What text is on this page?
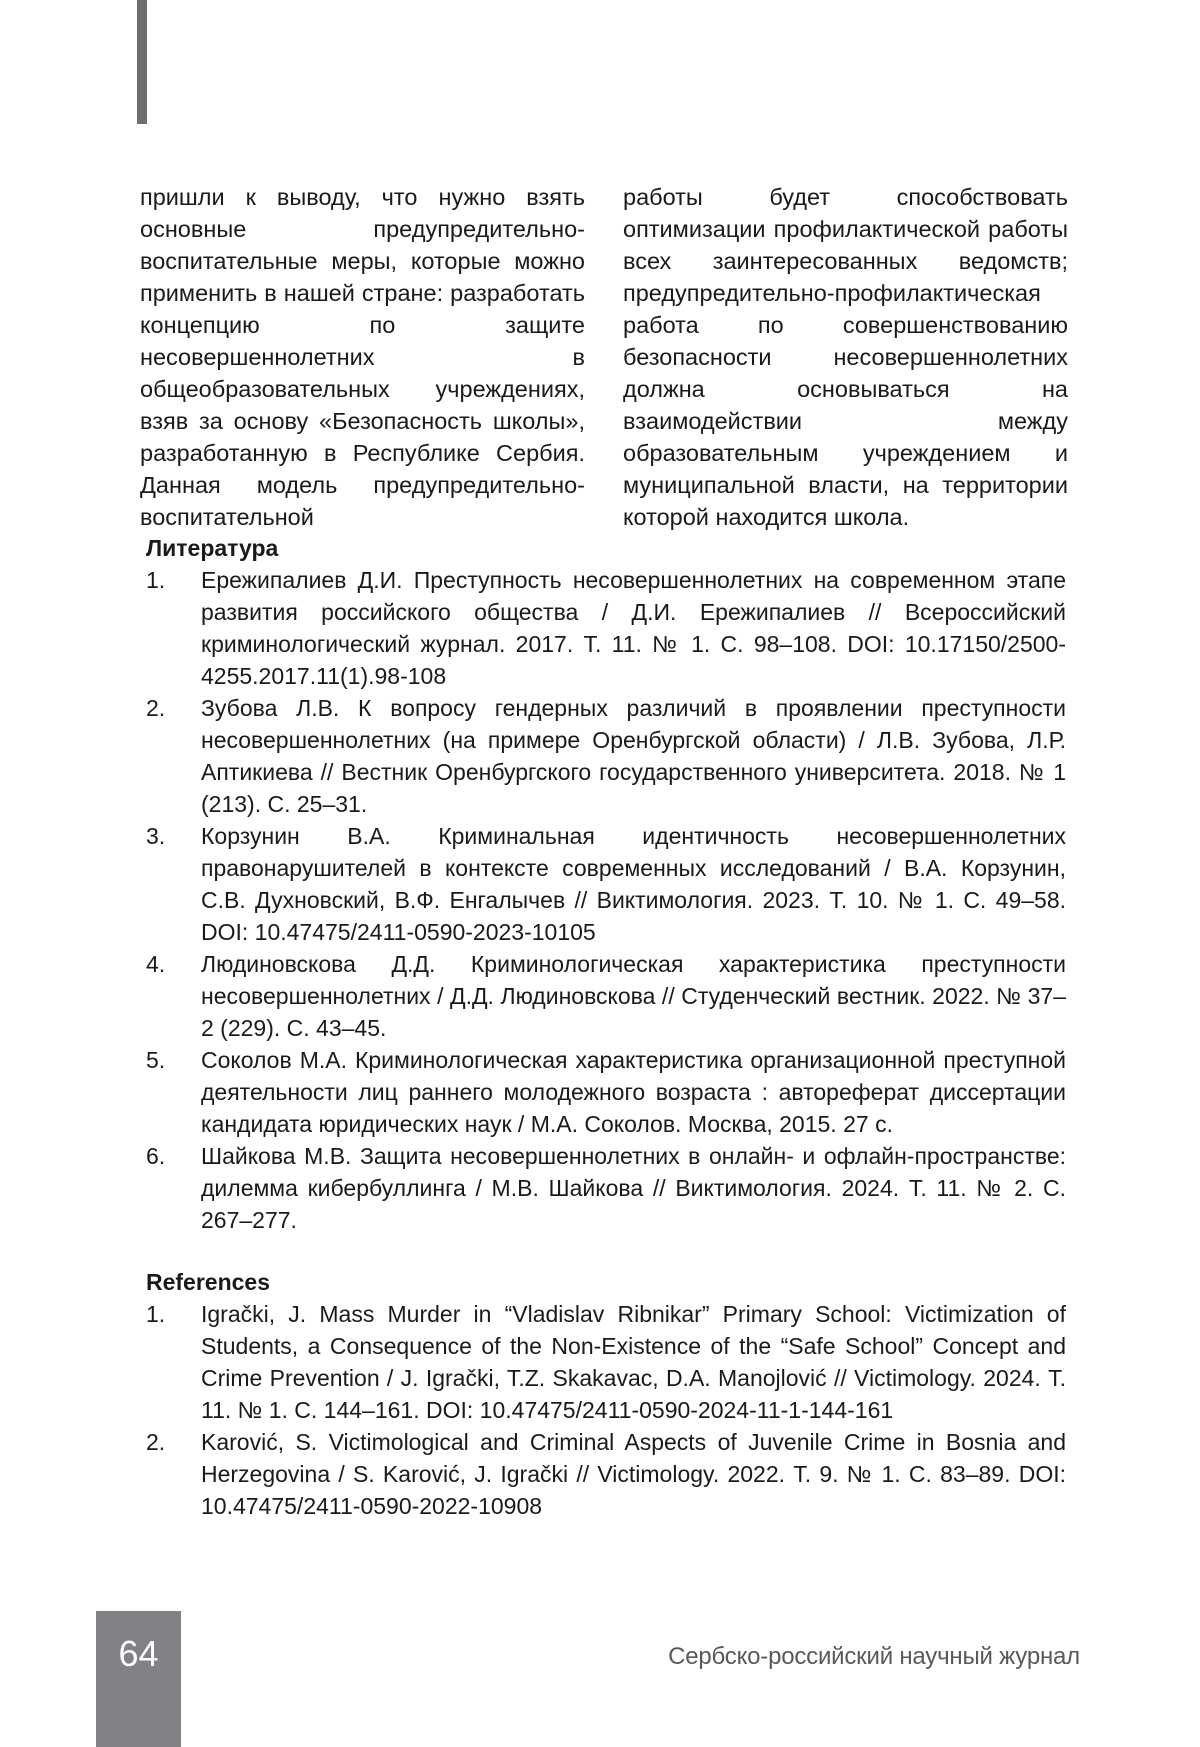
пришли к выводу, что нужно взять основные предупредительно-воспитательные меры, которые можно применить в нашей стране: разработать концепцию по защите несовершеннолетних в общеобразовательных учреждениях, взяв за основу «Безопасность школы», разработанную в Республике Сербия. Данная модель предупредительно-воспитательной

работы будет способствовать оптимизации профилактической работы всех заинтересованных ведомств; предупредительно-профилактическая работа по совершенствованию безопасности несовершеннолетних должна основываться на взаимодействии между образовательным учреждением и муниципальной власти, на территории которой находится школа.

Литература
1.	Ережипалиев Д.И. Преступность несовершеннолетних на современном этапе развития российского общества / Д.И. Ережипалиев // Всероссийский криминологический журнал. 2017. Т. 11. № 1. С. 98–108. DOI: 10.17150/2500-4255.2017.11(1).98-108
2.	Зубова Л.В. К вопросу гендерных различий в проявлении преступности несовершеннолетних (на примере Оренбургской области) / Л.В. Зубова, Л.Р. Аптикиева // Вестник Оренбургского государственного университета. 2018. № 1 (213). С. 25–31.
3.	Корзунин В.А. Криминальная идентичность несовершеннолетних правонарушителей в контексте современных исследований / В.А. Корзунин, С.В. Духновский, В.Ф. Енгалычев // Виктимология. 2023. Т. 10. № 1. С. 49–58. DOI: 10.47475/2411-0590-2023-10105
4.	Людиновскова Д.Д. Криминологическая характеристика преступности несовершеннолетних / Д.Д. Людиновскова // Студенческий вестник. 2022. № 37–2 (229). С. 43–45.
5.	Соколов М.А. Криминологическая характеристика организационной преступной деятельности лиц раннего молодежного возраста : автореферат диссертации кандидата юридических наук / М.А. Соколов. Москва, 2015. 27 с.
6.	Шайкова М.В. Защита несовершеннолетних в онлайн- и офлайн-пространстве: дилемма кибербуллинга / М.В. Шайкова // Виктимология. 2024. Т. 11. № 2. С. 267–277.
References
1.	Igrački, J. Mass Murder in “Vladislav Ribnikar” Primary School: Victimization of Students, a Consequence of the Non-Existence of the “Safe School” Concept and Crime Prevention / J. Igrački, T.Z. Skakavac, D.A. Manojlović // Victimology. 2024. Т. 11. № 1. С. 144–161. DOI: 10.47475/2411-0590-2024-11-1-144-161
2.	Karović, S. Victimological and Criminal Aspects of Juvenile Crime in Bosnia and Herzegovina / S. Karović, J. Igrački // Victimology. 2022. Т. 9. № 1. С. 83–89. DOI: 10.47475/2411-0590-2022-10908
64	Сербско-российский научный журнал
